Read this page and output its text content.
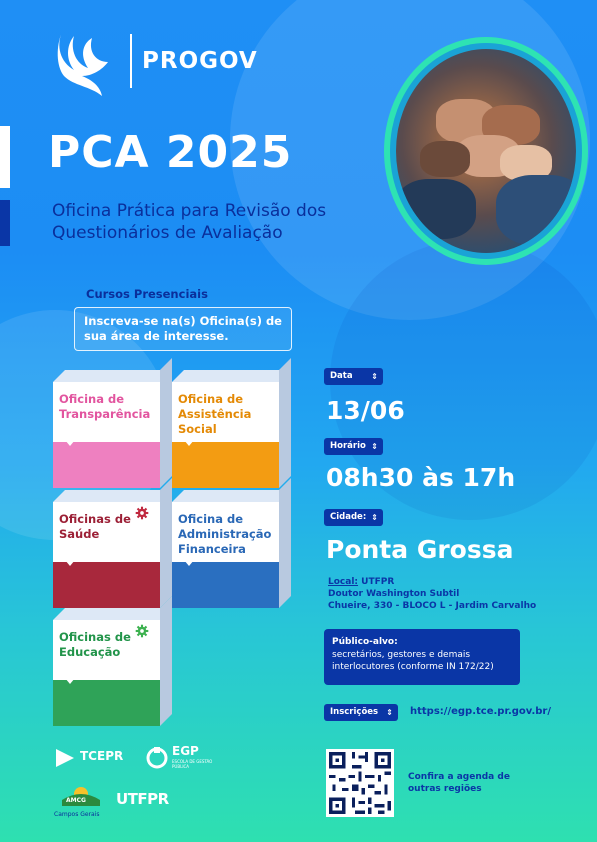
PROGOV
PCA 2025
Oficina Prática para Revisão dos Questionários de Avaliação
Cursos Presenciais
Inscreva-se na(s) Oficina(s) de sua área de interesse.
Oficina de Transparência
Oficina de Assistência Social
Oficinas de Saúde
Oficina de Administração Financeira
Oficinas de Educação
Data ⇕
13/06
Horário ⇕
08h30 às 17h
Cidade: ⇕
Ponta Grossa
Local: UTFPR
Doutor Washington Subtil
Chueire, 330 - BLOCO L - Jardim Carvalho
Público-alvo:
secretários, gestores e demais interlocutores (conforme IN 172/22)
Inscrições ⇕ https://egp.tce.pr.gov.br/
Confira a agenda de outras regiões
TCEPR	EGP
ESCOLA DE GESTÃO PÚBLICA
AMCG
Campos Gerais
UTFPR
